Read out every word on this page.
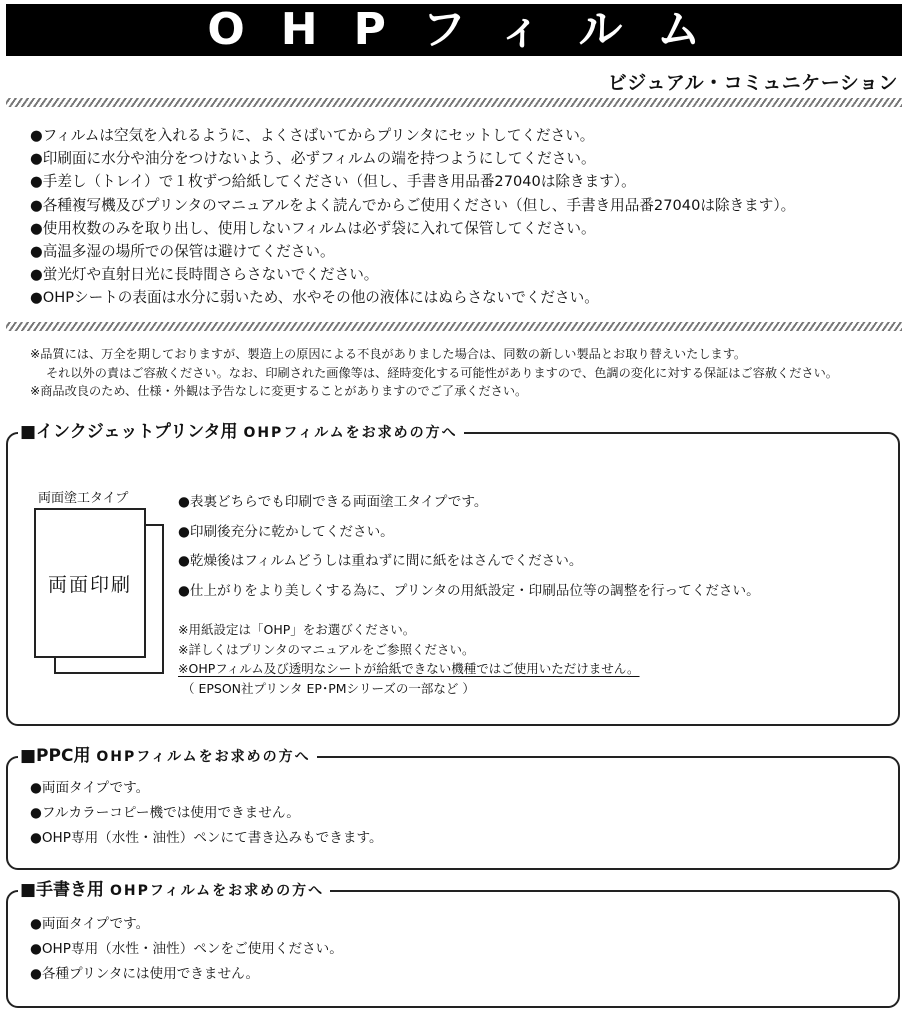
OHPフィルム
ビジュアル・コミュニケーション
●フィルムは空気を入れるように、よくさばいてからプリンタにセットしてください。
●印刷面に水分や油分をつけないよう、必ずフィルムの端を持つようにしてください。
●手差し（トレイ）で１枚ずつ給紙してください（但し、手書き用品番27040は除きます）。
●各種複写機及びプリンタのマニュアルをよく読んでからご使用ください（但し、手書き用品番27040は除きます）。
●使用枚数のみを取り出し、使用しないフィルムは必ず袋に入れて保管してください。
●高温多湿の場所での保管は避けてください。
●蛍光灯や直射日光に長時間さらさないでください。
●OHPシートの表面は水分に弱いため、水やその他の液体にはぬらさないでください。
※品質には、万全を期しておりますが、製造上の原因による不良がありました場合は、同数の新しい製品とお取り替えいたします。
それ以外の責はご容赦ください。なお、印刷された画像等は、経時変化する可能性がありますので、色調の変化に対する保証はご容赦ください。
※商品改良のため、仕様・外観は予告なしに変更することがありますのでご了承ください。
■インクジェットプリンタ用 OHPフィルムをお求めの方へ
●表裏どちらでも印刷できる両面塗工タイプです。
●印刷後充分に乾かしてください。
●乾燥後はフィルムどうしは重ねずに間に紙をはさんでください。
●仕上がりをより美しくする為に、プリンタの用紙設定・印刷品位等の調整を行ってください。
※用紙設定は「OHP」をお選びください。
※詳しくはプリンタのマニュアルをご参照ください。
※OHPフィルム及び透明なシートが給紙できない機種ではご使用いただけません。
（ EPSON社プリンタ EP･PMシリーズの一部など ）
両面塗工タイプ
両面印刷
■PPC用 OHPフィルムをお求めの方へ
●両面タイプです。
●フルカラーコピー機では使用できません。
●OHP専用（水性・油性）ペンにて書き込みもできます。
■手書き用 OHPフィルムをお求めの方へ
●両面タイプです。
●OHP専用（水性・油性）ペンをご使用ください。
●各種プリンタには使用できません。
